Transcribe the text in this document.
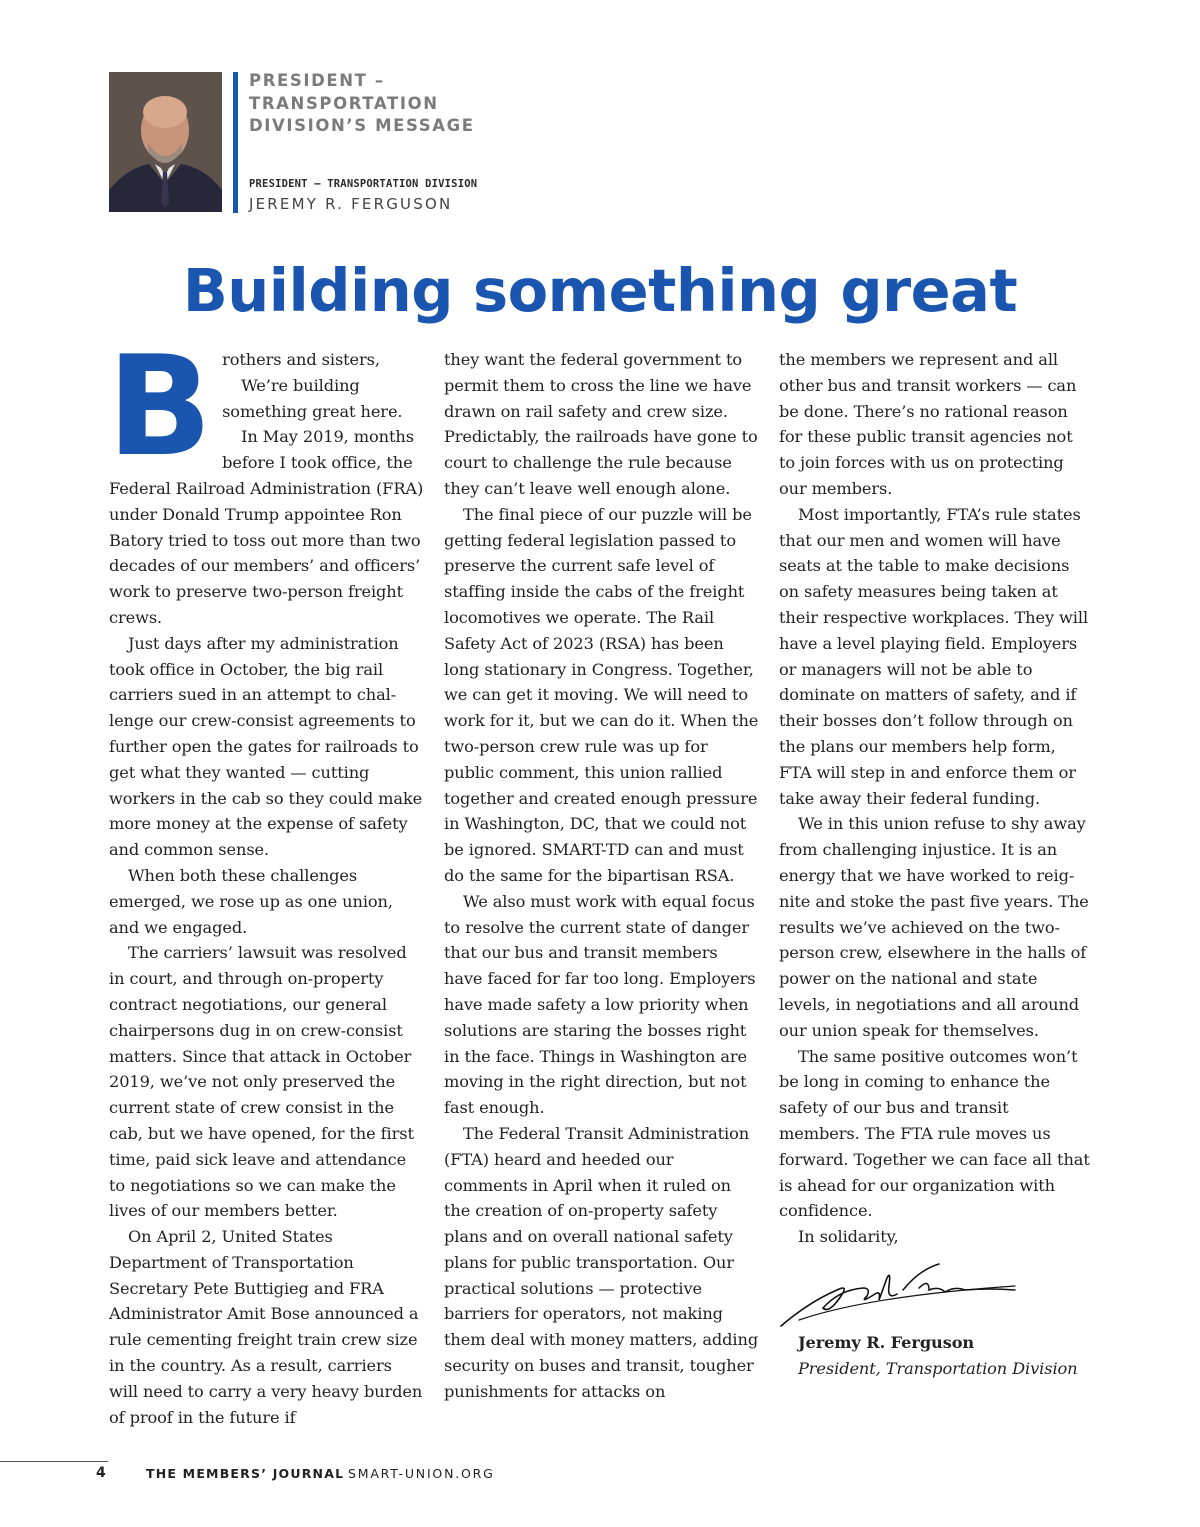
PRESIDENT – TRANSPORTATION DIVISION’S MESSAGE
PRESIDENT – TRANSPORTATION DIVISION
JEREMY R. FERGUSON
Building something great
B rothers and sisters,

We’re building something great here.

In May 2019, months before I took office, the Federal Railroad Administration (FRA) under Donald Trump appointee Ron Batory tried to toss out more than two decades of our members’ and officers’ work to preserve two-person freight crews.

Just days after my administration took office in October, the big rail carriers sued in an attempt to challenge our crew-consist agreements to further open the gates for railroads to get what they wanted — cutting workers in the cab so they could make more money at the expense of safety and common sense.

When both these challenges emerged, we rose up as one union, and we engaged.

The carriers’ lawsuit was resolved in court, and through on-property contract negotiations, our general chairpersons dug in on crew-consist matters. Since that attack in October 2019, we’ve not only preserved the current state of crew consist in the cab, but we have opened, for the first time, paid sick leave and attendance to negotiations so we can make the lives of our members better.

On April 2, United States Department of Transportation Secretary Pete Buttigieg and FRA Administrator Amit Bose announced a rule cementing freight train crew size in the country. As a result, carriers will need to carry a very heavy burden of proof in the future if

they want the federal government to permit them to cross the line we have drawn on rail safety and crew size. Predictably, the railroads have gone to court to challenge the rule because they can’t leave well enough alone.

The final piece of our puzzle will be getting federal legislation passed to preserve the current safe level of staffing inside the cabs of the freight locomotives we operate. The Rail Safety Act of 2023 (RSA) has been long stationary in Congress. Together, we can get it moving. We will need to work for it, but we can do it. When the two-person crew rule was up for public comment, this union rallied together and created enough pressure in Washington, DC, that we could not be ignored. SMART-TD can and must do the same for the bipartisan RSA.

We also must work with equal focus to resolve the current state of danger that our bus and transit members have faced for far too long. Employers have made safety a low priority when solutions are staring the bosses right in the face. Things in Washington are moving in the right direction, but not fast enough.

The Federal Transit Administration (FTA) heard and heeded our comments in April when it ruled on the creation of on-property safety plans and on overall national safety plans for public transportation. Our practical solutions — protective barriers for operators, not making them deal with money matters, adding security on buses and transit, tougher punishments for attacks on

the members we represent and all other bus and transit workers — can be done. There’s no rational reason for these public transit agencies not to join forces with us on protecting our members.

Most importantly, FTA’s rule states that our men and women will have seats at the table to make decisions on safety measures being taken at their respective workplaces. They will have a level playing field. Employers or managers will not be able to dominate on matters of safety, and if their bosses don’t follow through on the plans our members help form, FTA will step in and enforce them or take away their federal funding.

We in this union refuse to shy away from challenging injustice. It is an energy that we have worked to reignite and stoke the past five years. The results we’ve achieved on the two-person crew, elsewhere in the halls of power on the national and state levels, in negotiations and all around our union speak for themselves.

The same positive outcomes won’t be long in coming to enhance the safety of our bus and transit members. The FTA rule moves us forward. Together we can face all that is ahead for our organization with confidence.

In solidarity,

Jeremy R. Ferguson

President, Transportation Division

4	THE MEMBERS’ JOURNAL SMART-UNION.ORG
